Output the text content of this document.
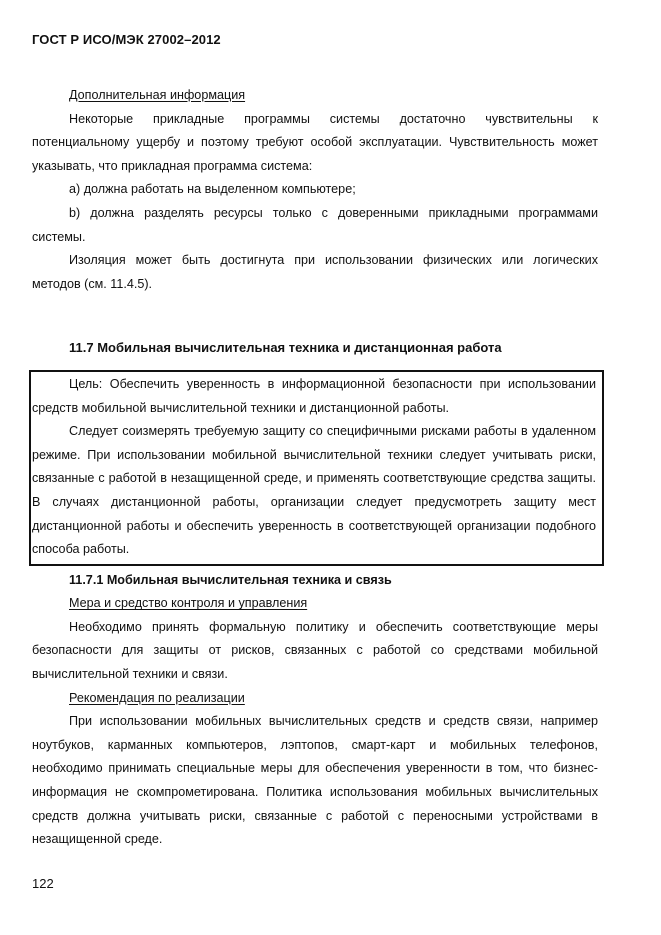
ГОСТ Р ИСО/МЭК 27002–2012

Дополнительная информация

Некоторые прикладные программы системы достаточно чувствительны к потенциальному ущербу и поэтому требуют особой эксплуатации. Чувствительность может указывать, что прикладная программа система:

a) должна работать на выделенном компьютере;

b) должна разделять ресурсы только с доверенными прикладными программами системы.

Изоляция может быть достигнута при использовании физических или логических методов (см. 11.4.5).

11.7 Мобильная вычислительная техника и дистанционная работа

Цель: Обеспечить уверенность в информационной безопасности при использовании средств мобильной вычислительной техники и дистанционной работы.

Следует соизмерять требуемую защиту со специфичными рисками работы в удаленном режиме. При использовании мобильной вычислительной техники следует учитывать риски, связанные с работой в незащищенной среде, и применять соответствующие средства защиты. В случаях дистанционной работы, организации следует предусмотреть защиту мест дистанционной работы и обеспечить уверенность в соответствующей организации подобного способа работы.

11.7.1 Мобильная вычислительная техника и связь

Мера и средство контроля и управления

Необходимо принять формальную политику и обеспечить соответствующие меры безопасности для защиты от рисков, связанных с работой со средствами мобильной вычислительной техники и связи.

Рекомендация по реализации

При использовании мобильных вычислительных средств и средств связи, например ноутбуков, карманных компьютеров, лэптопов, смарт-карт и мобильных телефонов, необходимо принимать специальные меры для обеспечения уверенности в том, что бизнес-информация не скомпрометирована. Политика использования мобильных вычислительных средств должна учитывать риски, связанные с работой с переносными устройствами в незащищенной среде.

122
